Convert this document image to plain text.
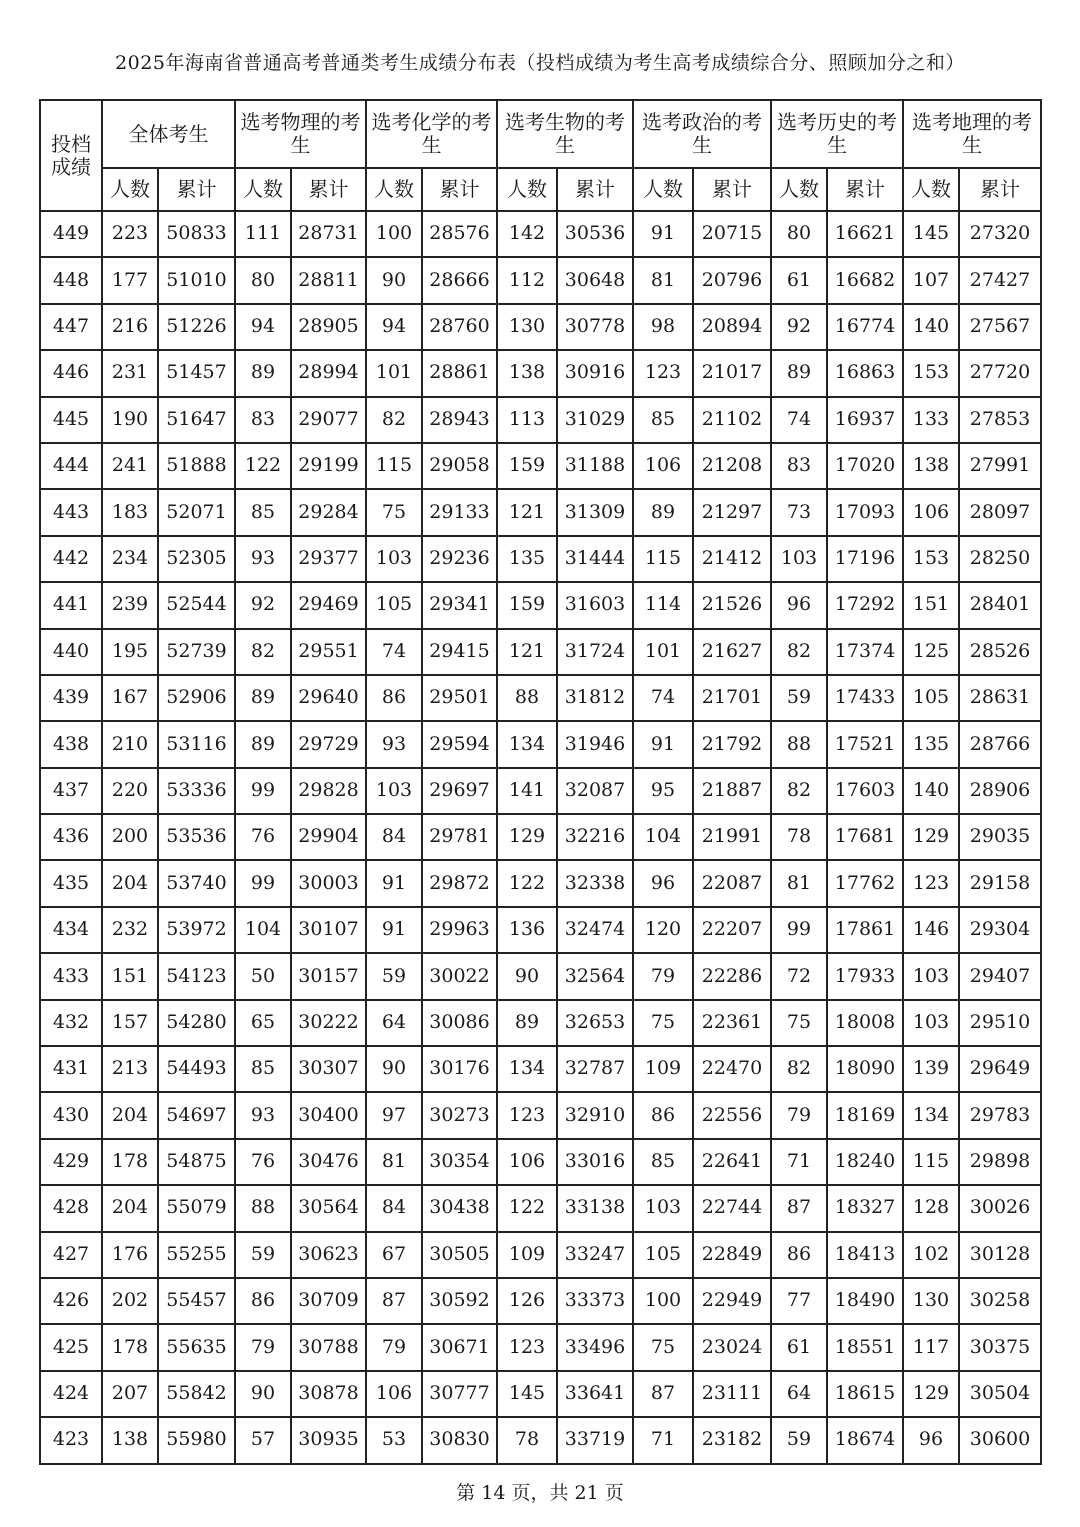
2025年海南省普通高考普通类考生成绩分布表（投档成绩为考生高考成绩综合分、照顾加分之和）
投档成绩	全体考生		选考物理的考生		选考化学的考生		选考生物的考生		选考政治的考生		选考历史的考生		选考地理的考生	
	人数	累计	人数	累计	人数	累计	人数	累计	人数	累计	人数	累计	人数	累计
449	223	50833	111	28731	100	28576	142	30536	91	20715	80	16621	145	27320
448	177	51010	80	28811	90	28666	112	30648	81	20796	61	16682	107	27427
447	216	51226	94	28905	94	28760	130	30778	98	20894	92	16774	140	27567
446	231	51457	89	28994	101	28861	138	30916	123	21017	89	16863	153	27720
445	190	51647	83	29077	82	28943	113	31029	85	21102	74	16937	133	27853
444	241	51888	122	29199	115	29058	159	31188	106	21208	83	17020	138	27991
443	183	52071	85	29284	75	29133	121	31309	89	21297	73	17093	106	28097
442	234	52305	93	29377	103	29236	135	31444	115	21412	103	17196	153	28250
441	239	52544	92	29469	105	29341	159	31603	114	21526	96	17292	151	28401
440	195	52739	82	29551	74	29415	121	31724	101	21627	82	17374	125	28526
439	167	52906	89	29640	86	29501	88	31812	74	21701	59	17433	105	28631
438	210	53116	89	29729	93	29594	134	31946	91	21792	88	17521	135	28766
437	220	53336	99	29828	103	29697	141	32087	95	21887	82	17603	140	28906
436	200	53536	76	29904	84	29781	129	32216	104	21991	78	17681	129	29035
435	204	53740	99	30003	91	29872	122	32338	96	22087	81	17762	123	29158
434	232	53972	104	30107	91	29963	136	32474	120	22207	99	17861	146	29304
433	151	54123	50	30157	59	30022	90	32564	79	22286	72	17933	103	29407
432	157	54280	65	30222	64	30086	89	32653	75	22361	75	18008	103	29510
431	213	54493	85	30307	90	30176	134	32787	109	22470	82	18090	139	29649
430	204	54697	93	30400	97	30273	123	32910	86	22556	79	18169	134	29783
429	178	54875	76	30476	81	30354	106	33016	85	22641	71	18240	115	29898
428	204	55079	88	30564	84	30438	122	33138	103	22744	87	18327	128	30026
427	176	55255	59	30623	67	30505	109	33247	105	22849	86	18413	102	30128
426	202	55457	86	30709	87	30592	126	33373	100	22949	77	18490	130	30258
425	178	55635	79	30788	79	30671	123	33496	75	23024	61	18551	117	30375
424	207	55842	90	30878	106	30777	145	33641	87	23111	64	18615	129	30504
423	138	55980	57	30935	53	30830	78	33719	71	23182	59	18674	96	30600
第 14 页，共 21 页
